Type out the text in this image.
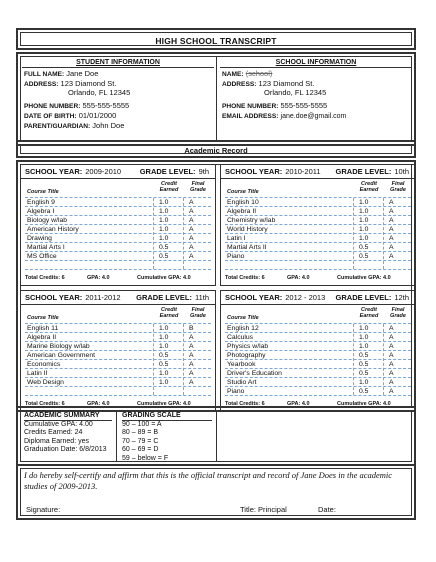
HIGH SCHOOL TRANSCRIPT
STUDENT INFORMATION
FULL NAME: Jane Doe
ADDRESS: 123 Diamond St.
Orlando, FL 12345
PHONE NUMBER: 555-555-5555
DATE OF BIRTH: 01/01/2000
PARENT/GUARDIAN: John Doe
SCHOOL INFORMATION
NAME: (school)
ADDRESS: 123 Diamond St.
Orlando, FL 12345
PHONE NUMBER: 555-555-5555
EMAIL ADDRESS: jane.doe@gmail.com
Academic Record
SCHOOL YEAR: 2009-2010 GRADE LEVEL: 9th
Course Title
Credit
Earned
Final
Grade
English 9	1.0	A
Algebra I	1.0	A
Biology w/lab	1.0	A
American History	1.0	A
Drawing	1.0	A
Martial Arts I	0.5	A
MS Office	0.5	A
Total Credits: 6	GPA: 4.0	Cumulative GPA: 4.0
SCHOOL YEAR: 2010-2011 GRADE LEVEL: 10th
Course Title
Credit
Earned
Final
Grade
English 10	1.0	A
Algebra II	1.0	A
Chemistry w/lab	1.0	A
World History	1.0	A
Latin I	1.0	A
Martial Arts II	0.5	A
Piano	0.5	A
Total Credits: 6	GPA: 4.0	Cumulative GPA: 4.0
SCHOOL YEAR: 2011-2012 GRADE LEVEL: 11th
Course Title
Credit
Earned
Final
Grade
English 11	1.0	B
Algebra II	1.0	A
Marine Biology w/lab	1.0	A
American Government	0.5	A
Economics	0.5	A
Latin II	1.0	A
Web Design	1.0	A
Total Credits: 6	GPA: 4.0	Cumulative GPA: 4.0
SCHOOL YEAR: 2012 - 2013 GRADE LEVEL: 12th
Course Title
Credit
Earned
Final
Grade
English 12	1.0	A
Calculus	1.0	A
Physics w/lab	1.0	A
Photography	0.5	A
Yearbook	0.5	A
Driver's Education	0.5	A
Studio Art	1.0	A
Piano	0.5	A
Total Credits: 6	GPA: 4.0	Cumulative GPA: 4.0
ACADEMIC SUMMARY
Cumulative GPA: 4.00
Credits Earned: 24
Diploma Earned: yes
Graduation Date: 6/8/2013
GRADING SCALE
90 – 100 = A
80 – 89 = B
70 – 79 = C
60 – 69 = D
59 – below = F
I do hereby self-certify and affirm that this is the official transcript and record of Jane Does in the academic studies of 2009-2013.
Signature:	Title: Principal	Date:
